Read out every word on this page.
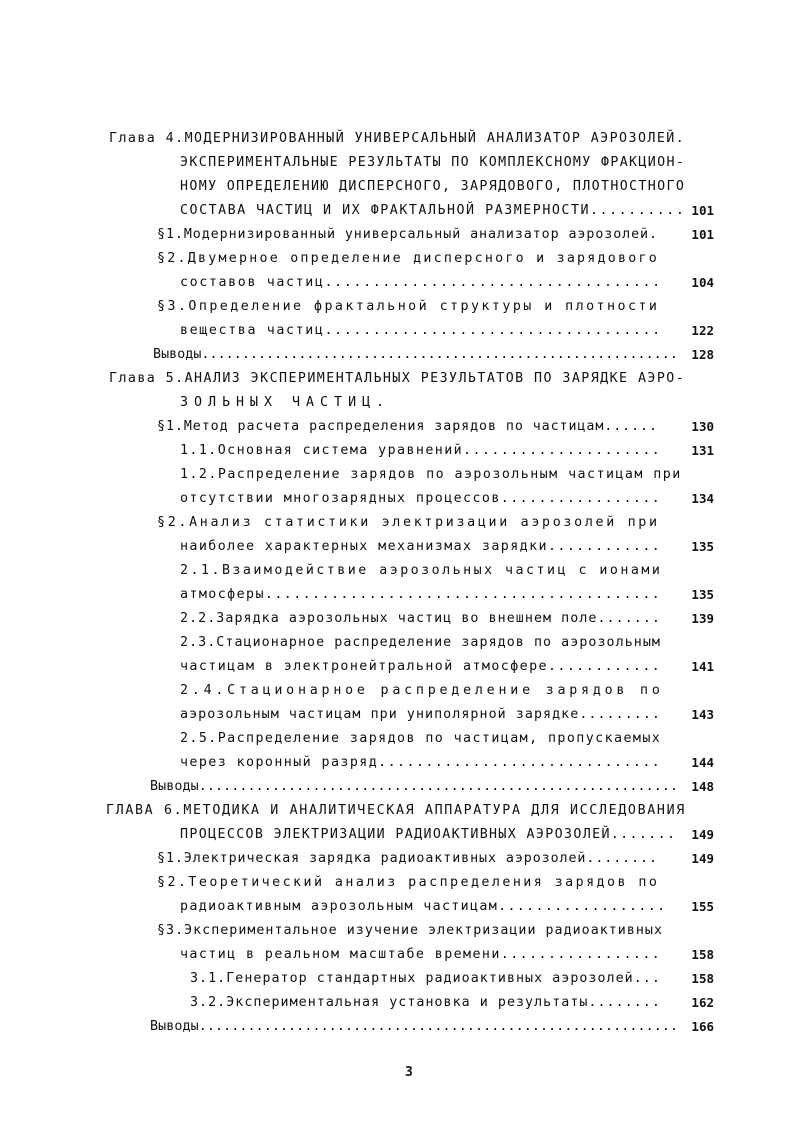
Глава 4.МОДЕРНИЗИРОВАННЫЙ УНИВЕРСАЛЬНЫЙ АНАЛИЗАТОР АЭРОЗОЛЕЙ.
ЭКСПЕРИМЕНТАЛЬНЫЕ РЕЗУЛЬТАТЫ ПО КОМПЛЕКСНОМУ ФРАКЦИОН-
НОМУ ОПРЕДЕЛЕНИЮ ДИСПЕРСНОГО, ЗАРЯДОВОГО, ПЛОТНОСТНОГО
СОСТАВА ЧАСТИЦ И ИХ ФРАКТАЛЬНОЙ РАЗМЕРНОСТИ.......... 101
§1.Модернизированный универсальный анализатор аэрозолей.	101
§2.Двумерное определение дисперсного и зарядового
составов частиц...................................	104
§3.Определение фрактальной структуры и плотности
вещества частиц...................................	122
Выводы...........................................................	128
Глава 5.АНАЛИЗ ЭКСПЕРИМЕНТАЛЬНЫХ РЕЗУЛЬТАТОВ ПО ЗАРЯДКЕ АЭРО-
ЗОЛЬНЫХ ЧАСТИЦ.
§1.Метод расчета распределения зарядов по частицам......	130
1.1.Основная система уравнений.....................	131
1.2.Распределение зарядов по аэрозольным частицам при
отсутствии многозарядных процессов.................	134
§2.Анализ статистики электризации аэрозолей при
наиболее характерных механизмах зарядки............	135
2.1.Взаимодействие аэрозольных частиц с ионами
атмосферы..........................................	135
2.2.Зарядка аэрозольных частиц во внешнем поле.......	139
2.3.Стационарное распределение зарядов по аэрозольным
частицам в электронейтральной атмосфере............	141
2.4.Стационарное распределение зарядов по
аэрозольным частицам при униполярной зарядке.........	143
2.5.Распределение зарядов по частицам, пропускаемых
через коронный разряд..............................	144
Выводы...........................................................	148
ГЛАВА 6.МЕТОДИКА И АНАЛИТИЧЕСКАЯ АППАРАТУРА ДЛЯ ИССЛЕДОВАНИЯ
ПРОЦЕССОВ ЭЛЕКТРИЗАЦИИ РАДИОАКТИВНЫХ АЭРОЗОЛЕЙ.......	149
§1.Электрическая зарядка радиоактивных аэрозолей........	149
§2.Теоретический анализ распределения зарядов по
радиоактивным аэрозольным частицам..................	155
§3.Экспериментальное изучение электризации радиоактивных
частиц в реальном масштабе времени.................	158
3.1.Генератор стандартных радиоактивных аэрозолей...	158
3.2.Экспериментальная установка и результаты........	162
Выводы...........................................................	166
3
